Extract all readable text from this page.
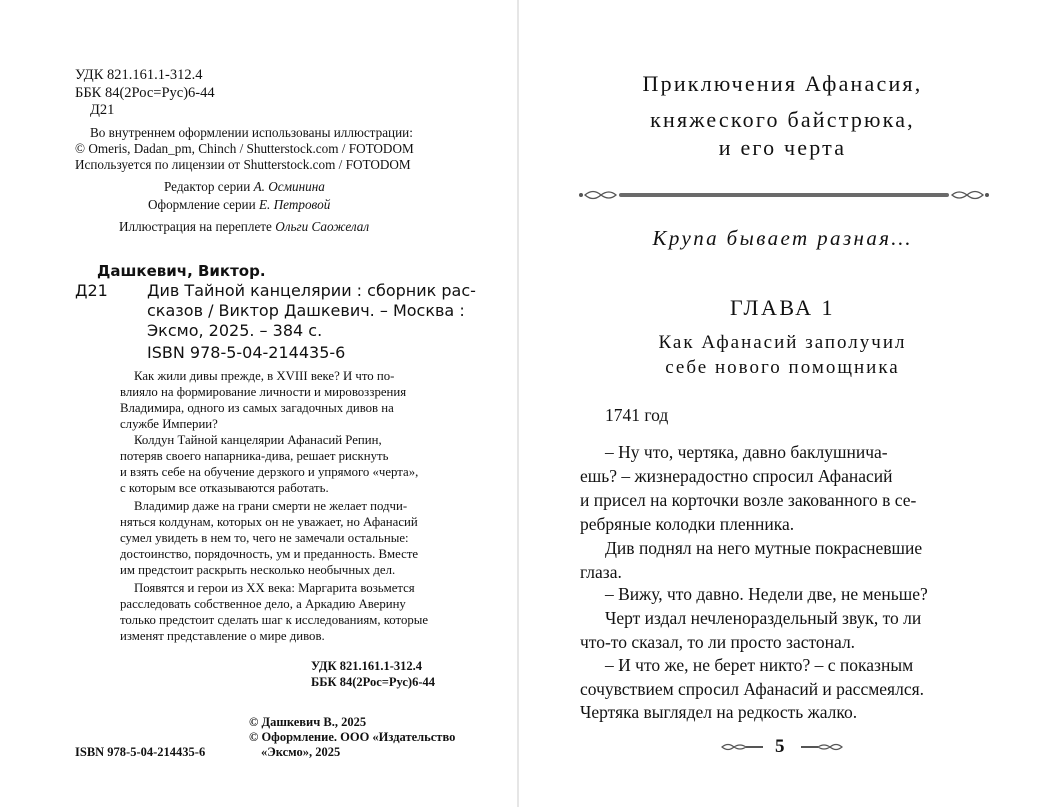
УДК 821.161.1-312.4
ББК 84(2Рос=Рус)6-44
Д21
Во внутреннем оформлении использованы иллюстрации:
© Omeris, Dadan_pm, Chinch / Shutterstock.com / FOTODOM
Используется по лицензии от Shutterstock.com / FOTODOM
Редактор серии А. Осминина
Оформление серии Е. Петровой
Иллюстрация на переплете Ольги Саожелал
Дашкевич, Виктор.
Д21 Див Тайной канцелярии : сборник рас-
сказов / Виктор Дашкевич. – Москва :
Эксмо, 2025. – 384 с.
ISBN 978-5-04-214435-6
Как жили дивы прежде, в XVIII веке? И что по-
влияло на формирование личности и мировоззрения
Владимира, одного из самых загадочных дивов на
службе Империи?
Колдун Тайной канцелярии Афанасий Репин,
потеряв своего напарника-дива, решает рискнуть
и взять себе на обучение дерзкого и упрямого «черта»,
с которым все отказываются работать.
Владимир даже на грани смерти не желает подчи-
няться колдунам, которых он не уважает, но Афанасий
сумел увидеть в нем то, чего не замечали остальные:
достоинство, порядочность, ум и преданность. Вместе
им предстоит раскрыть несколько необычных дел.
Появятся и герои из XX века: Маргарита возьмется
расследовать собственное дело, а Аркадию Аверину
только предстоит сделать шаг к исследованиям, которые
изменят представление о мире дивов.
УДК 821.161.1-312.4
ББК 84(2Рос=Рус)6-44
© Дашкевич В., 2025
© Оформление. ООО «Издательство
«Эксмо», 2025
ISBN 978-5-04-214435-6
Приключения Афанасия,
княжеского байстрюка,
и его черта
Крупа бывает разная…
ГЛАВА 1
Как Афанасий заполучил
себе нового помощника
1741 год
– Ну что, чертяка, давно баклушнича-
ешь? – жизнерадостно спросил Афанасий
и присел на корточки возле закованного в се-
ребряные колодки пленника.
Див поднял на него мутные покрасневшие
глаза.
– Вижу, что давно. Недели две, не меньше?
Черт издал нечленораздельный звук, то ли
что-то сказал, то ли просто застонал.
– И что же, не берет никто? – с показным
сочувствием спросил Афанасий и рассмеялся.
Чертяка выглядел на редкость жалко.
5
